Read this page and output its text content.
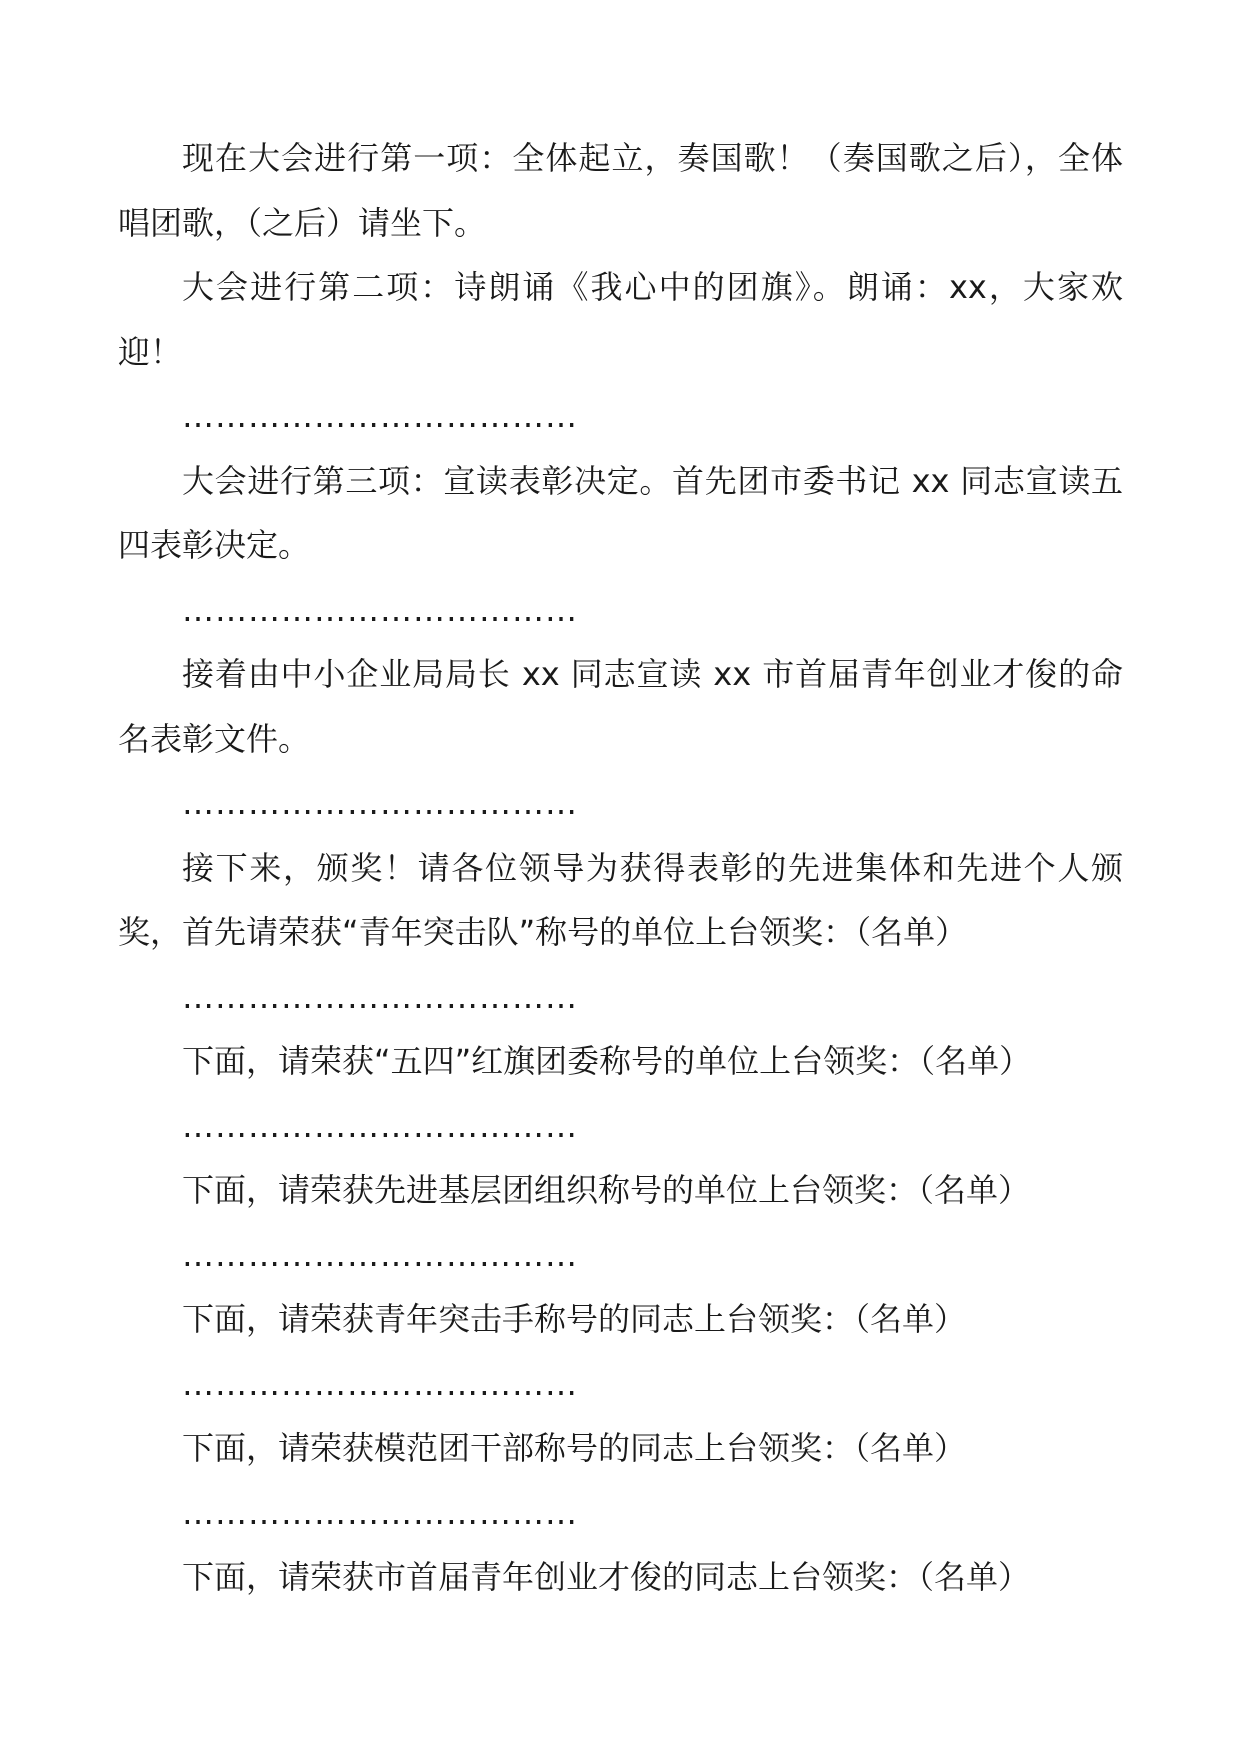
现在大会进行第一项：全体起立，奏国歌！（奏国歌之后），全体唱团歌，（之后）请坐下。

大会进行第二项：诗朗诵《我心中的团旗》。朗诵：xx，大家欢迎！

………………………………

大会进行第三项：宣读表彰决定。首先团市委书记 xx 同志宣读五四表彰决定。

………………………………

接着由中小企业局局长 xx 同志宣读 xx 市首届青年创业才俊的命名表彰文件。

………………………………

接下来，颁奖！请各位领导为获得表彰的先进集体和先进个人颁奖，首先请荣获“青年突击队”称号的单位上台领奖：（名单）

………………………………

下面，请荣获“五四”红旗团委称号的单位上台领奖：（名单）

………………………………

下面，请荣获先进基层团组织称号的单位上台领奖：（名单）

………………………………

下面，请荣获青年突击手称号的同志上台领奖：（名单）

………………………………

下面，请荣获模范团干部称号的同志上台领奖：（名单）

………………………………

下面，请荣获市首届青年创业才俊的同志上台领奖：（名单）
